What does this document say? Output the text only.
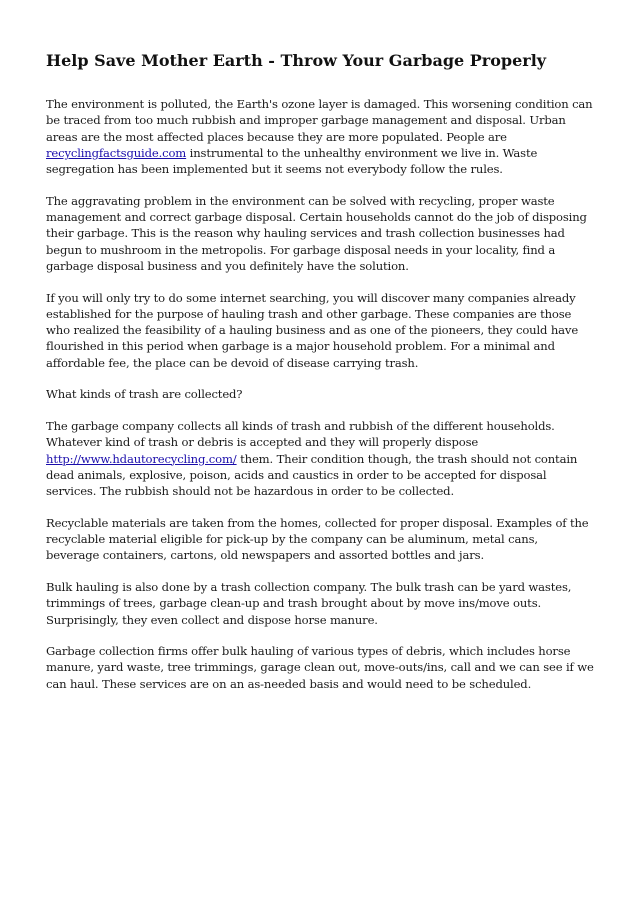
Help Save Mother Earth - Throw Your Garbage Properly

The environment is polluted, the Earth's ozone layer is damaged. This worsening condition can be traced from too much rubbish and improper garbage management and disposal. Urban areas are the most affected places because they are more populated. People are recyclingfactsguide.com instrumental to the unhealthy environment we live in. Waste segregation has been implemented but it seems not everybody follow the rules.

The aggravating problem in the environment can be solved with recycling, proper waste management and correct garbage disposal. Certain households cannot do the job of disposing their garbage. This is the reason why hauling services and trash collection businesses had begun to mushroom in the metropolis. For garbage disposal needs in your locality, find a garbage disposal business and you definitely have the solution.

If you will only try to do some internet searching, you will discover many companies already established for the purpose of hauling trash and other garbage. These companies are those who realized the feasibility of a hauling business and as one of the pioneers, they could have flourished in this period when garbage is a major household problem. For a minimal and affordable fee, the place can be devoid of disease carrying trash.

What kinds of trash are collected?

The garbage company collects all kinds of trash and rubbish of the different households. Whatever kind of trash or debris is accepted and they will properly dispose http://www.hdautorecycling.com/ them. Their condition though, the trash should not contain dead animals, explosive, poison, acids and caustics in order to be accepted for disposal services. The rubbish should not be hazardous in order to be collected.

Recyclable materials are taken from the homes, collected for proper disposal. Examples of the recyclable material eligible for pick-up by the company can be aluminum, metal cans, beverage containers, cartons, old newspapers and assorted bottles and jars.

Bulk hauling is also done by a trash collection company. The bulk trash can be yard wastes, trimmings of trees, garbage clean-up and trash brought about by move ins/move outs. Surprisingly, they even collect and dispose horse manure.

Garbage collection firms offer bulk hauling of various types of debris, which includes horse manure, yard waste, tree trimmings, garage clean out, move-outs/ins, call and we can see if we can haul. These services are on an as-needed basis and would need to be scheduled.
